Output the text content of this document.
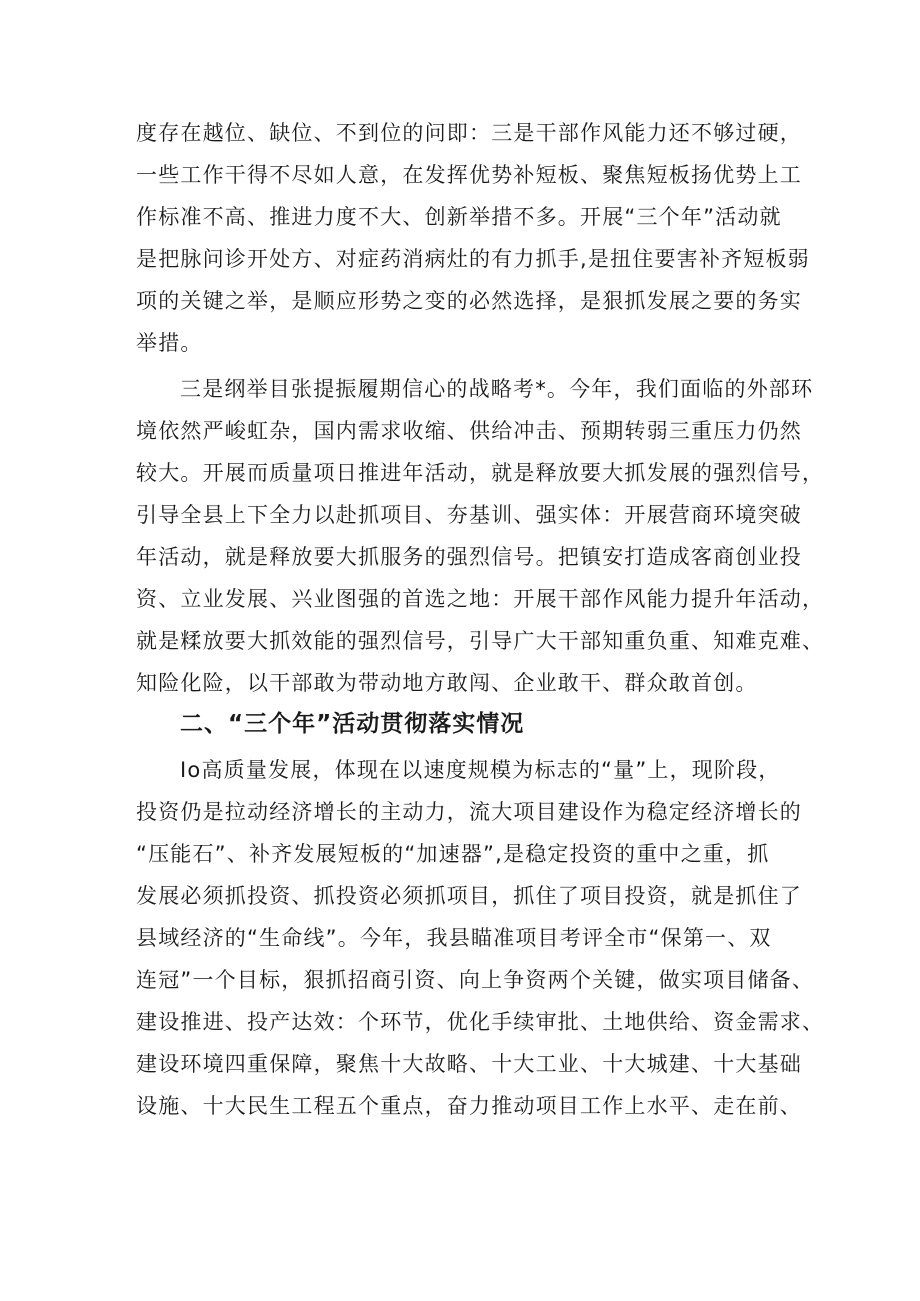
度存在越位、缺位、不到位的问即：三是干部作风能力还不够过硬，
一些工作干得不尽如人意，在发挥优势补短板、聚焦短板扬优势上工
作标准不高、推进力度不大、创新举措不多。开展“三个年”活动就
是把脉问诊开处方、对症药消病灶的有力抓手,是扭住要害补齐短板弱
项的关键之举，是顺应形势之变的必然选择，是狠抓发展之要的务实
举措。
三是纲举目张提振履期信心的战略考*。今年，我们面临的外部环
境依然严峻虹杂，国内需求收缩、供给冲击、预期转弱三重压力仍然
较大。开展而质量项日推进年活动，就是释放要大抓发展的强烈信号，
引导全县上下全力以赴抓项目、夯基训、强实体：开展营商环境突破
年活动，就是释放要大抓服务的强烈信号。把镇安打造成客商创业投
资、立业发展、兴业图强的首选之地：开展干部作风能力提升年活动，
就是糅放要大抓效能的强烈信号，引导广大干部知重负重、知难克难、
知险化险，以干部敢为带动地方敢闯、企业敢干、群众敢首创。
二、“三个年”活动贯彻落实情况
Io高质量发展，体现在以速度规模为标志的“量”上，现阶段，
投资仍是拉动经济增长的主动力，流大项目建设作为稳定经济增长的
“压能石”、补齐发展短板的“加速器”,是稳定投资的重中之重，抓
发展必须抓投资、抓投资必须抓项目，抓住了项目投资，就是抓住了
县域经济的“生命线”。今年，我县瞄准项目考评全市“保第一、双
连冠”一个目标，狠抓招商引资、向上争资两个关键，做实项目储备、
建设推进、投产达效：个环节，优化手续审批、土地供给、资金需求、
建设环境四重保障，聚焦十大故略、十大工业、十大城建、十大基础
设施、十大民生工程五个重点，奋力推动项目工作上水平、走在前、
